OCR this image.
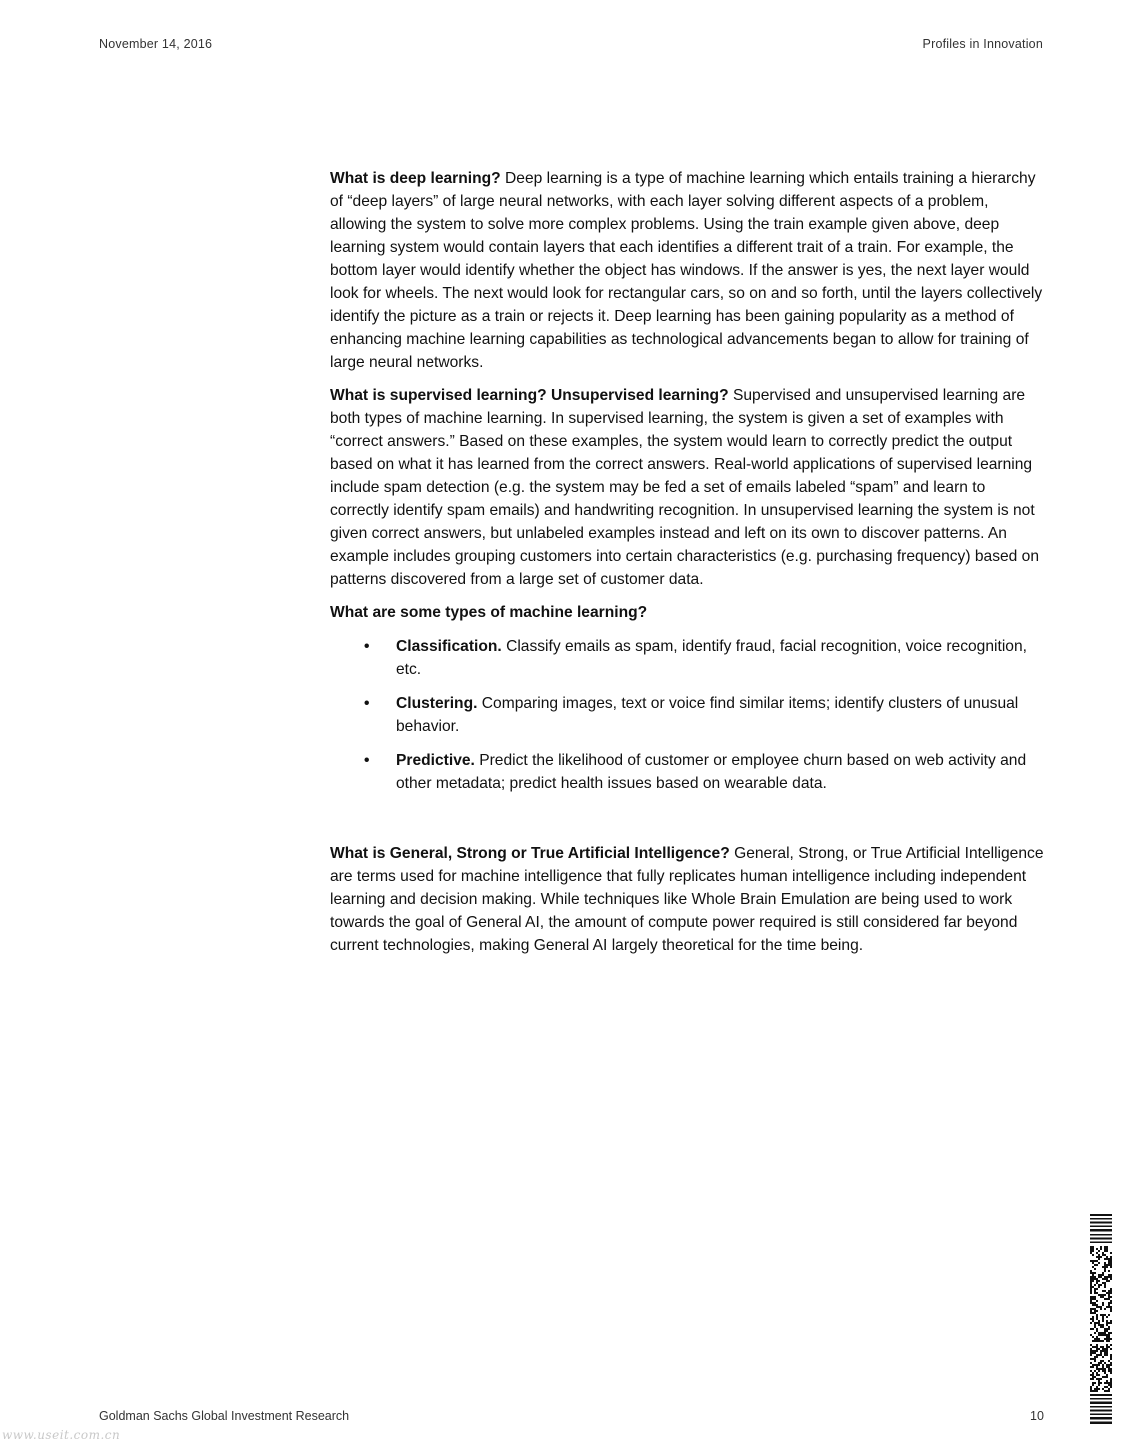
November 14, 2016	Profiles in Innovation

What is deep learning? Deep learning is a type of machine learning which entails training a hierarchy of “deep layers” of large neural networks, with each layer solving different aspects of a problem, allowing the system to solve more complex problems. Using the train example given above, deep learning system would contain layers that each identifies a different trait of a train. For example, the bottom layer would identify whether the object has windows. If the answer is yes, the next layer would look for wheels. The next would look for rectangular cars, so on and so forth, until the layers collectively identify the picture as a train or rejects it. Deep learning has been gaining popularity as a method of enhancing machine learning capabilities as technological advancements began to allow for training of large neural networks.

What is supervised learning? Unsupervised learning? Supervised and unsupervised learning are both types of machine learning. In supervised learning, the system is given a set of examples with “correct answers.” Based on these examples, the system would learn to correctly predict the output based on what it has learned from the correct answers. Real-world applications of supervised learning include spam detection (e.g. the system may be fed a set of emails labeled “spam” and learn to correctly identify spam emails) and handwriting recognition. In unsupervised learning the system is not given correct answers, but unlabeled examples instead and left on its own to discover patterns. An example includes grouping customers into certain characteristics (e.g. purchasing frequency) based on patterns discovered from a large set of customer data.

What are some types of machine learning?

• Classification. Classify emails as spam, identify fraud, facial recognition, voice recognition, etc.
• Clustering. Comparing images, text or voice find similar items; identify clusters of unusual behavior.
• Predictive. Predict the likelihood of customer or employee churn based on web activity and other metadata; predict health issues based on wearable data.

What is General, Strong or True Artificial Intelligence? General, Strong, or True Artificial Intelligence are terms used for machine intelligence that fully replicates human intelligence including independent learning and decision making. While techniques like Whole Brain Emulation are being used to work towards the goal of General AI, the amount of compute power required is still considered far beyond current technologies, making General AI largely theoretical for the time being.

Goldman Sachs Global Investment Research	10
www.useit.com.cn
